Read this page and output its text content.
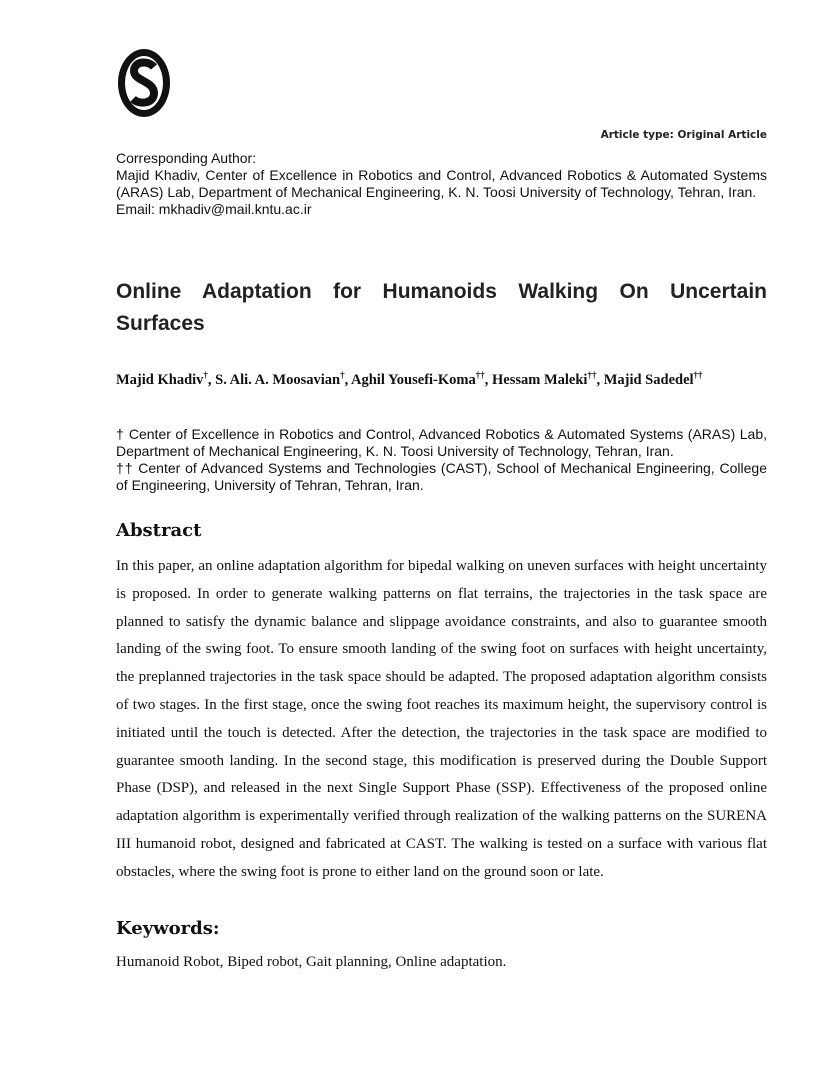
Article type: Original Article
Corresponding Author:
Majid Khadiv, Center of Excellence in Robotics and Control, Advanced Robotics & Automated Systems (ARAS) Lab, Department of Mechanical Engineering, K. N. Toosi University of Technology, Tehran, Iran.
Email: mkhadiv@mail.kntu.ac.ir
Online Adaptation for Humanoids Walking On Uncertain Surfaces
Majid Khadiv†, S. Ali. A. Moosavian†, Aghil Yousefi-Koma††, Hessam Maleki††, Majid Sadedel††
† Center of Excellence in Robotics and Control, Advanced Robotics & Automated Systems (ARAS) Lab, Department of Mechanical Engineering, K. N. Toosi University of Technology, Tehran, Iran.
†† Center of Advanced Systems and Technologies (CAST), School of Mechanical Engineering, College of Engineering, University of Tehran, Tehran, Iran.
Abstract

In this paper, an online adaptation algorithm for bipedal walking on uneven surfaces with height uncertainty is proposed. In order to generate walking patterns on flat terrains, the trajectories in the task space are planned to satisfy the dynamic balance and slippage avoidance constraints, and also to guarantee smooth landing of the swing foot. To ensure smooth landing of the swing foot on surfaces with height uncertainty, the preplanned trajectories in the task space should be adapted. The proposed adaptation algorithm consists of two stages. In the first stage, once the swing foot reaches its maximum height, the supervisory control is initiated until the touch is detected. After the detection, the trajectories in the task space are modified to guarantee smooth landing. In the second stage, this modification is preserved during the Double Support Phase (DSP), and released in the next Single Support Phase (SSP). Effectiveness of the proposed online adaptation algorithm is experimentally verified through realization of the walking patterns on the SURENA III humanoid robot, designed and fabricated at CAST. The walking is tested on a surface with various flat obstacles, where the swing foot is prone to either land on the ground soon or late.

Keywords:

Humanoid Robot, Biped robot, Gait planning, Online adaptation.
